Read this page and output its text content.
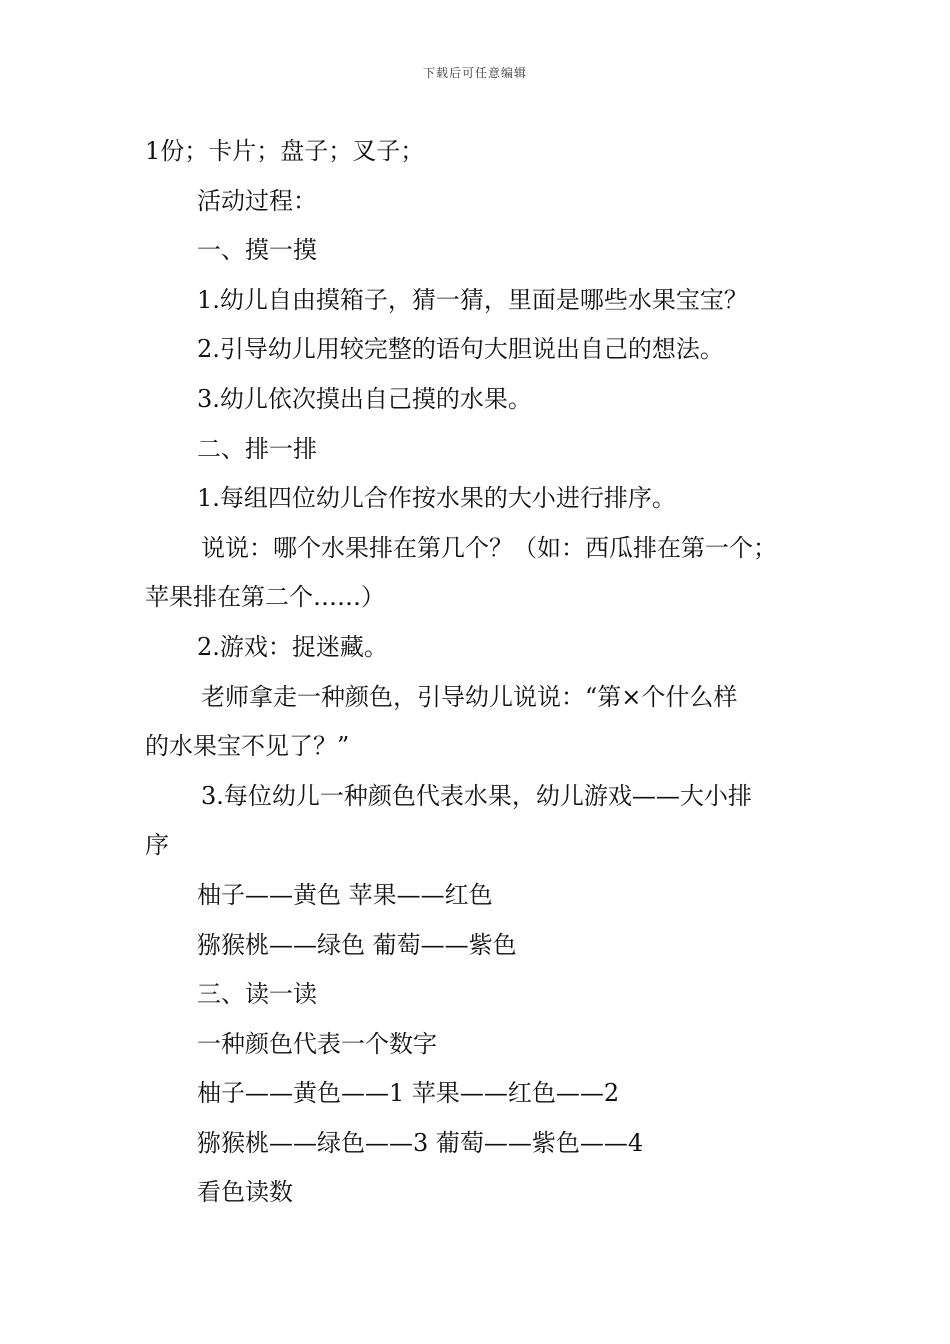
下载后可任意编辑
1份；卡片；盘子；叉子；
活动过程：
一、摸一摸
1.幼儿自由摸箱子，猜一猜，里面是哪些水果宝宝？
2.引导幼儿用较完整的语句大胆说出自己的想法。
3.幼儿依次摸出自己摸的水果。
二、排一排
1.每组四位幼儿合作按水果的大小进行排序。
说说：哪个水果排在第几个？（如：西瓜排在第一个；
苹果排在第二个……）
2.游戏：捉迷藏。
老师拿走一种颜色，引导幼儿说说：“第×个什么样
的水果宝不见了？”
3.每位幼儿一种颜色代表水果，幼儿游戏——大小排
序
柚子——黄色 苹果——红色
猕猴桃——绿色 葡萄——紫色
三、读一读
一种颜色代表一个数字
柚子——黄色——1 苹果——红色——2
猕猴桃——绿色——3 葡萄——紫色——4
看色读数
